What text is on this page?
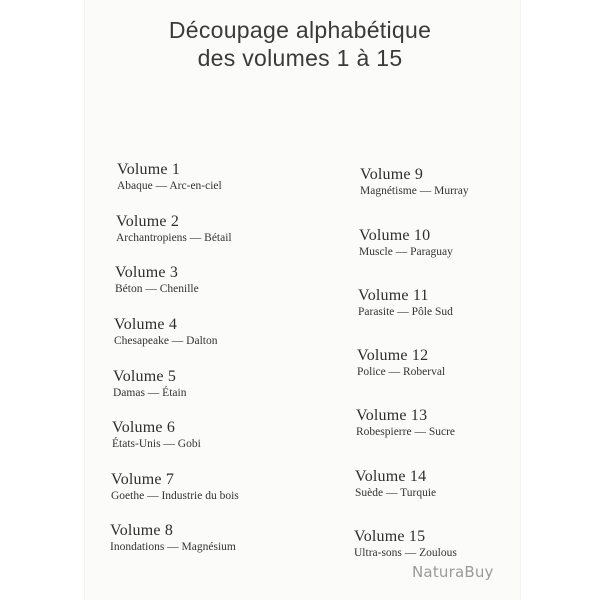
Découpage alphabétique
des volumes 1 à 15
Volume 1
Abaque — Arc-en-ciel
Volume 2
Archantropiens — Bétail
Volume 3
Béton — Chenille
Volume 4
Chesapeake — Dalton
Volume 5
Damas — Étain
Volume 6
États-Unis — Gobi
Volume 7
Goethe — Industrie du bois
Volume 8
Inondations — Magnésium
Volume 9
Magnétisme — Murray
Volume 10
Muscle — Paraguay
Volume 11
Parasite — Pôle Sud
Volume 12
Police — Roberval
Volume 13
Robespierre — Sucre
Volume 14
Suède — Turquie
Volume 15
Ultra-sons — Zoulous
NaturaBuy
